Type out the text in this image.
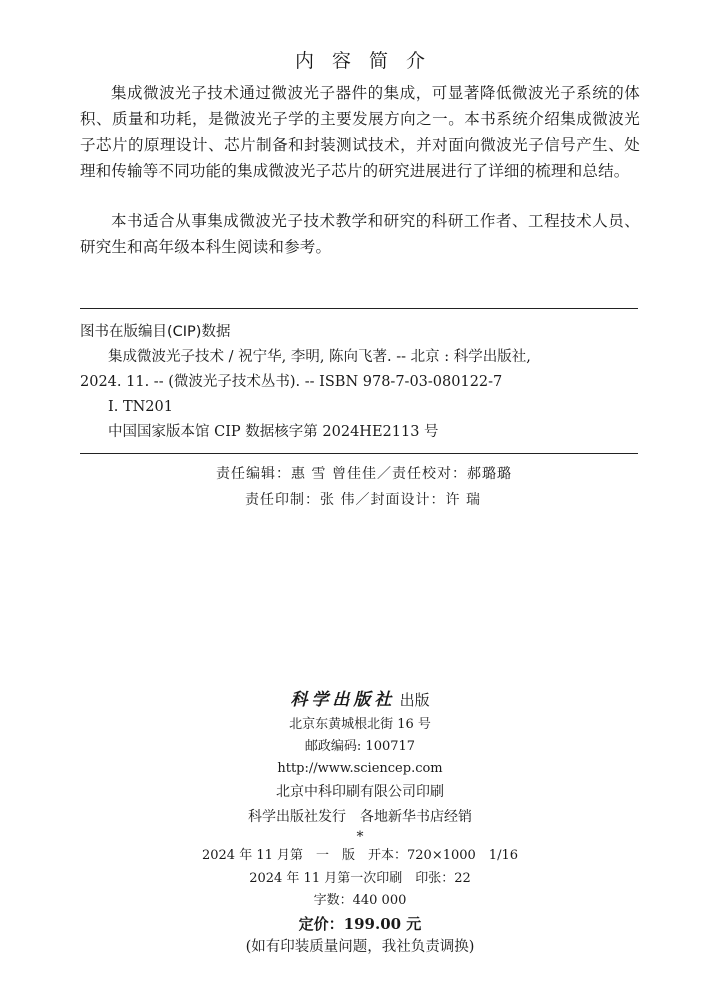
内容简介

集成微波光子技术通过微波光子器件的集成，可显著降低微波光子系统的体积、质量和功耗，是微波光子学的主要发展方向之一。本书系统介绍集成微波光子芯片的原理设计、芯片制备和封装测试技术，并对面向微波光子信号产生、处理和传输等不同功能的集成微波光子芯片的研究进展进行了详细的梳理和总结。

本书适合从事集成微波光子技术教学和研究的科研工作者、工程技术人员、研究生和高年级本科生阅读和参考。

图书在版编目(CIP)数据
集成微波光子技术 / 祝宁华, 李明, 陈向飞著. -- 北京 : 科学出版社,
2024. 11. -- (微波光子技术丛书). -- ISBN 978-7-03-080122-7
Ⅰ. TN201
中国国家版本馆 CIP 数据核字第 2024HE2113 号
责任编辑：惠 雪 曾佳佳／责任校对：郝璐璐
责任印制：张 伟／封面设计：许 瑞
科学出版社 出版
北京东黄城根北街 16 号
邮政编码: 100717
http://www.sciencep.com
北京中科印刷有限公司印刷
科学出版社发行　各地新华书店经销
*
2024 年 11 月第　一　版　开本：720×1000　1/16
2024 年 11 月第一次印刷　印张：22
字数：440 000
定价：199.00 元
(如有印装质量问题，我社负责调换)
